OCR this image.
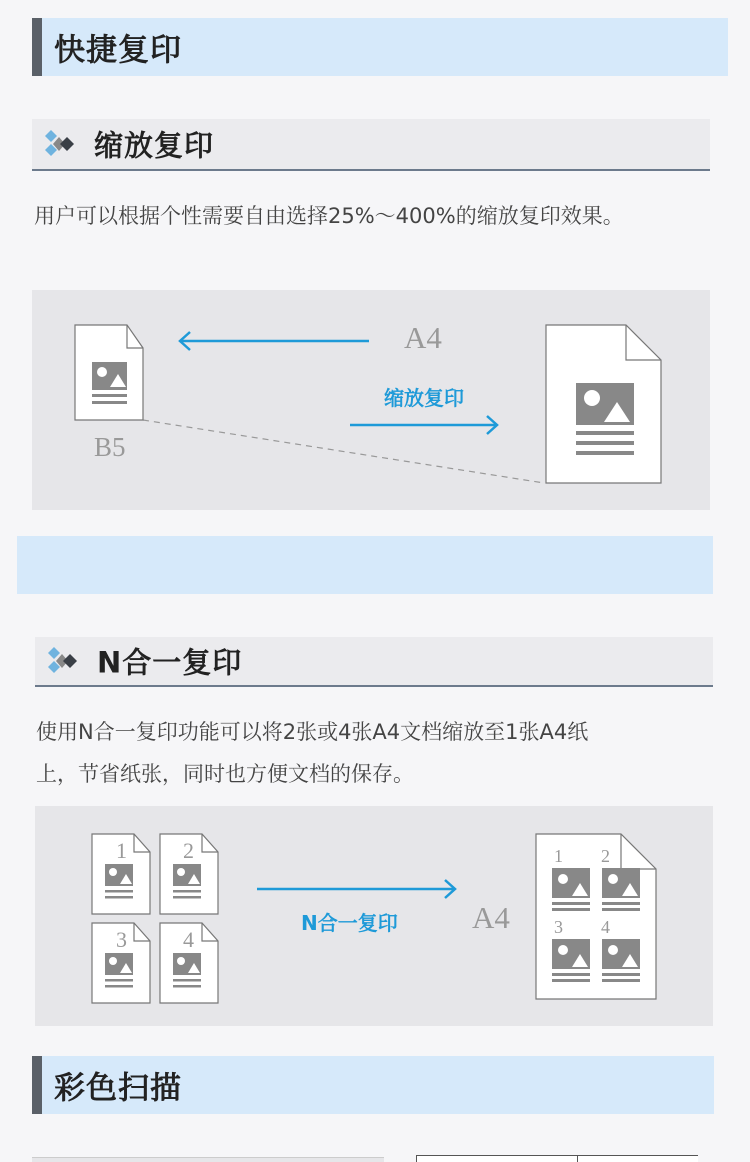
快捷复印
缩放复印
用户可以根据个性需要自由选择25%～400%的缩放复印效果。
A4
B5
缩放复印
N合一复印
使用N合一复印功能可以将2张或4张A4文档缩放至1张A4纸
上，节省纸张，同时也方便文档的保存。
1	2
3	4
1 2
3 4
N合一复印 A4
彩色扫描
